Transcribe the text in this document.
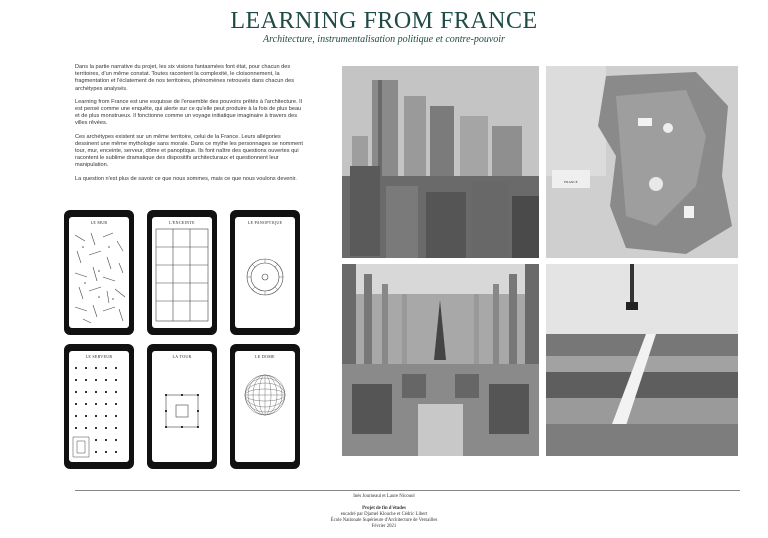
LEARNING FROM FRANCE
Architecture, instrumentalisation politique et contre-pouvoir

Dans la partie narrative du projet, les six visions fantasmées font état, pour chacun des territoires, d'un même constat. Toutes racontent la complexité, le cloisonnement, la fragmentation et l'éclatement de nos territoires, phénomènes retrouvés dans chacun des archétypes analysés.

Learning from France est une esquisse de l'ensemble des pouvoirs prêtés à l'architecture. Il est pensé comme une enquête, qui alerte sur ce qu'elle peut produire à la fois de plus beau et de plus monstrueux. Il fonctionne comme un voyage initiatique imaginaire à travers des villes rêvées.

Ces archétypes existent sur un même territoire, celui de la France. Leurs allégories dessinent une même mythologie sans morale. Dans ce mythe les personnages se nomment tour, mur, enceinte, serveur, dôme et panoptique. Ils font naître des questions ouvertes qui racontent le sublime dramatique des dispositifs architecturaux et questionnent leur manipulation.

La question n'est plus de savoir ce que nous sommes, mais ce que nous voulons devenir.

LE MUR	L'ENCEINTE	LE PANOPTIQUE
LE SERVEUR	LA TOUR	LE DOME
FRANCE
Inès Journeaul et Laure Nicouol
Projet de fin d'études
encadré par Djamel Klouche et Cédric Libert
École Nationale Supérieure d'Architecture de Versailles
Février 2021
